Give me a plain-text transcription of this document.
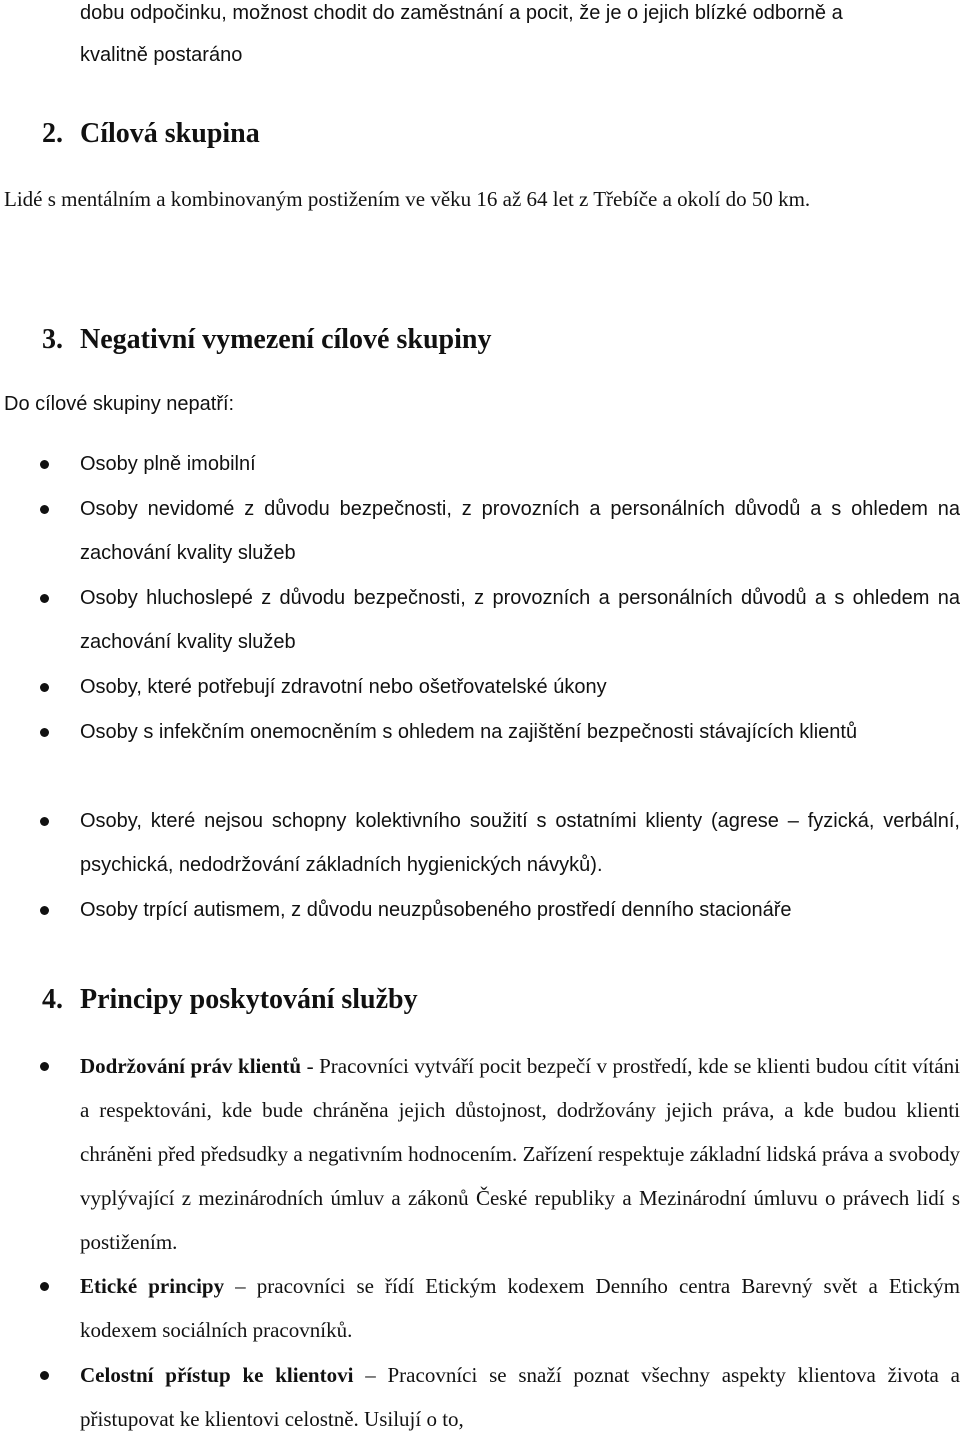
dobu odpočinku, možnost chodit do zaměstnání a pocit, že je o jejich blízké odborně a
kvalitně postaráno
2. Cílová skupina

Lidé s mentálním a kombinovaným postižením ve věku 16 až 64 let z Třebíče a okolí do 50 km.

3. Negativní vymezení cílové skupiny

Do cílové skupiny nepatří:

Osoby plně imobilní

Osoby nevidomé z důvodu bezpečnosti, z provozních a personálních důvodů a s ohledem na zachování kvality služeb

Osoby hluchoslepé z důvodu bezpečnosti, z provozních a personálních důvodů a s ohledem na zachování kvality služeb

Osoby, které potřebují zdravotní nebo ošetřovatelské úkony

Osoby s infekčním onemocněním s ohledem na zajištění bezpečnosti stávajících klientů

Osoby, které nejsou schopny kolektivního soužití s ostatními klienty (agrese – fyzická, verbální, psychická, nedodržování základních hygienických návyků).

Osoby trpící autismem, z důvodu neuzpůsobeného prostředí denního stacionáře

4. Principy poskytování služby

Dodržování práv klientů - Pracovníci vytváří pocit bezpečí v prostředí, kde se klienti budou cítit vítáni a respektováni, kde bude chráněna jejich důstojnost, dodržovány jejich práva, a kde budou klienti chráněni před předsudky a negativním hodnocením. Zařízení respektuje základní lidská práva a svobody vyplývající z mezinárodních úmluv a zákonů České republiky a Mezinárodní úmluvu o právech lidí s postižením.

Etické principy – pracovníci se řídí Etickým kodexem Denního centra Barevný svět a Etickým kodexem sociálních pracovníků.

Celostní přístup ke klientovi – Pracovníci se snaží poznat všechny aspekty klientova života a přistupovat ke klientovi celostně. Usilují o to,
